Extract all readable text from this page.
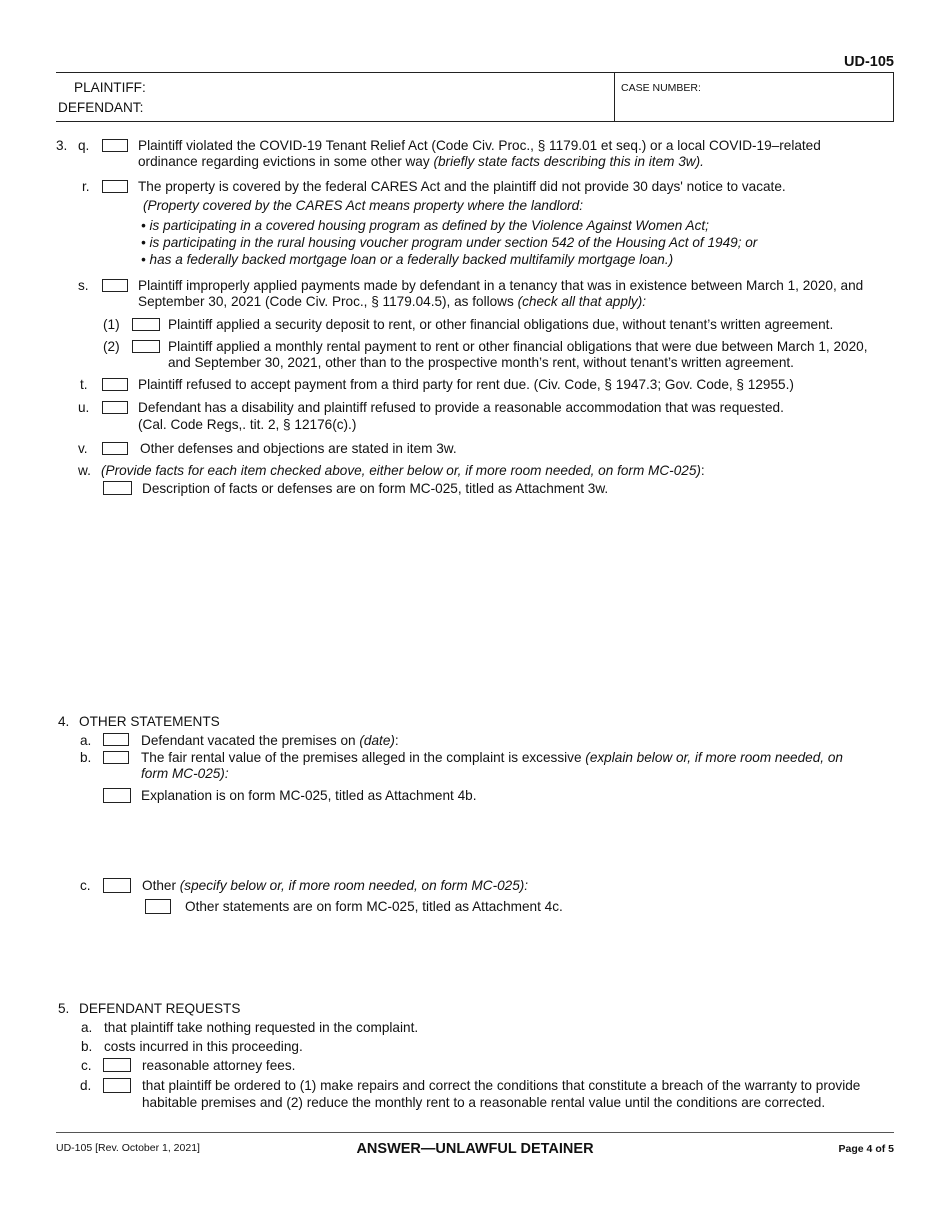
UD-105
PLAINTIFF:
DEFENDANT:
CASE NUMBER:
3. q.	Plaintiff violated the COVID-19 Tenant Relief Act (Code Civ. Proc., § 1179.01 et seq.) or a local COVID-19–related
ordinance regarding evictions in some other way (briefly state facts describing this in item 3w).
r.	The property is covered by the federal CARES Act and the plaintiff did not provide 30 days' notice to vacate.
(Property covered by the CARES Act means property where the landlord:
• is participating in a covered housing program as defined by the Violence Against Women Act;
• is participating in the rural housing voucher program under section 542 of the Housing Act of 1949; or
• has a federally backed mortgage loan or a federally backed multifamily mortgage loan.)
s.	Plaintiff improperly applied payments made by defendant in a tenancy that was in existence between March 1, 2020, and
September 30, 2021 (Code Civ. Proc., § 1179.04.5), as follows (check all that apply):
(1)	Plaintiff applied a security deposit to rent, or other financial obligations due, without tenant’s written agreement.
(2)	Plaintiff applied a monthly rental payment to rent or other financial obligations that were due between March 1, 2020,
and September 30, 2021, other than to the prospective month’s rent, without tenant’s written agreement.
t.	Plaintiff refused to accept payment from a third party for rent due. (Civ. Code, § 1947.3; Gov. Code, § 12955.)
u.	Defendant has a disability and plaintiff refused to provide a reasonable accommodation that was requested.
(Cal. Code Regs,. tit. 2, § 12176(c).)
v.	Other defenses and objections are stated in item 3w.
w. (Provide facts for each item checked above, either below or, if more room needed, on form MC-025):
Description of facts or defenses are on form MC-025, titled as Attachment 3w.
4. OTHER STATEMENTS
a.	Defendant vacated the premises on (date):
b.	The fair rental value of the premises alleged in the complaint is excessive (explain below or, if more room needed, on
form MC-025):
Explanation is on form MC-025, titled as Attachment 4b.
c.	Other (specify below or, if more room needed, on form MC-025):
Other statements are on form MC-025, titled as Attachment 4c.
5. DEFENDANT REQUESTS
a. that plaintiff take nothing requested in the complaint.
b. costs incurred in this proceeding.
c.	reasonable attorney fees.
d.	that plaintiff be ordered to (1) make repairs and correct the conditions that constitute a breach of the warranty to provide
habitable premises and (2) reduce the monthly rent to a reasonable rental value until the conditions are corrected.
UD-105 [Rev. October 1, 2021]	ANSWER—UNLAWFUL DETAINER	Page 4 of 5
